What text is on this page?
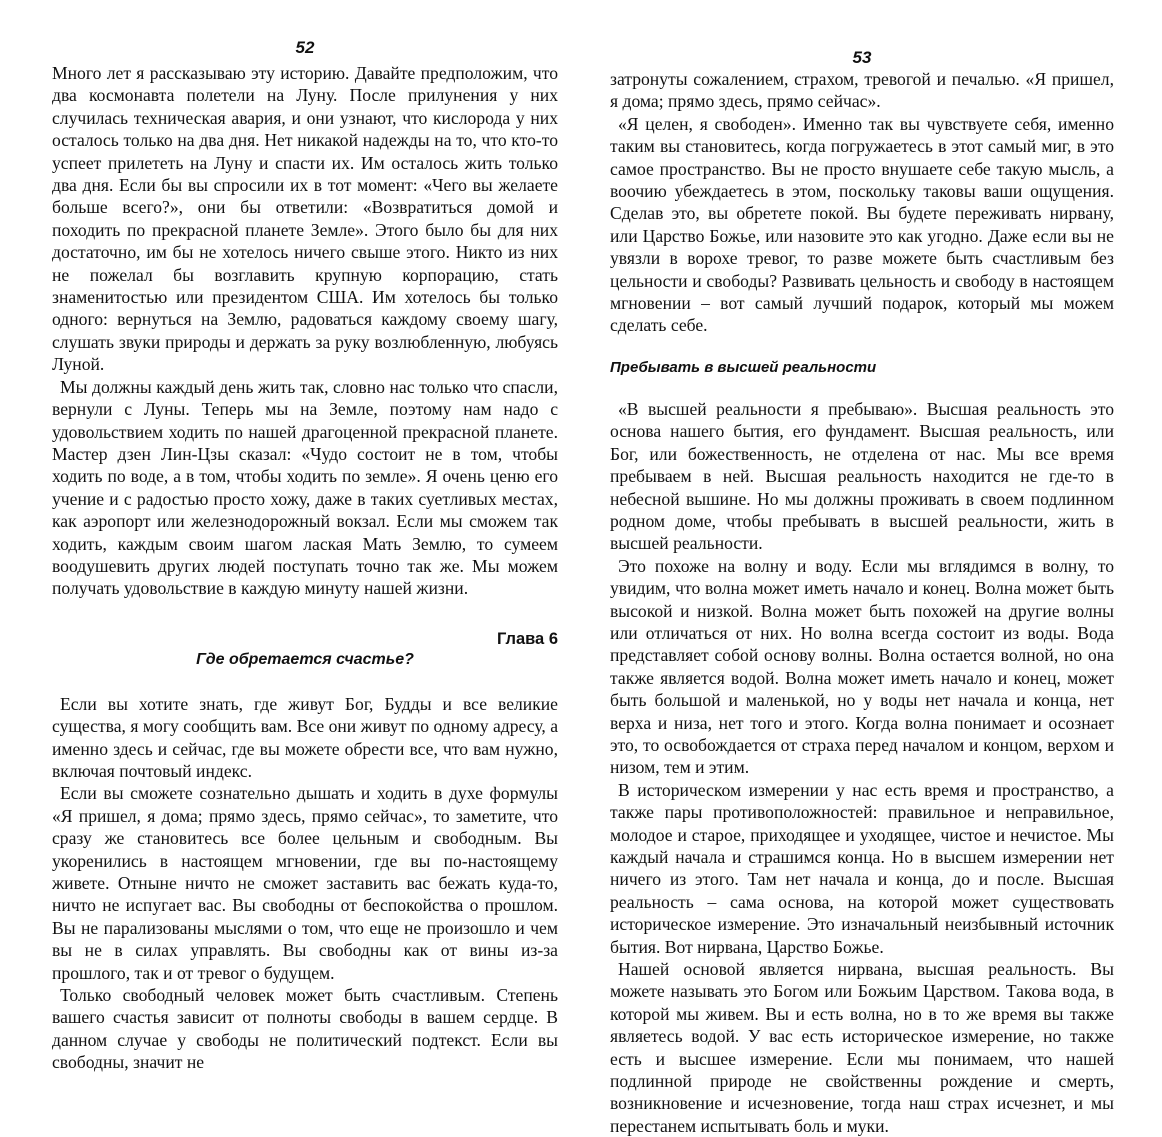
52

Много лет я рассказываю эту историю. Давайте предположим, что два космонавта полетели на Луну. После прилунения у них случилась техническая авария, и они узнают, что кислорода у них осталось только на два дня. Нет никакой надежды на то, что кто-то успеет прилететь на Луну и спасти их. Им осталось жить только два дня. Если бы вы спросили их в тот момент: «Чего вы желаете больше всего?», они бы ответили: «Возвратиться домой и походить по прекрасной планете Земле». Этого было бы для них достаточно, им бы не хотелось ничего свыше этого. Никто из них не пожелал бы возглавить крупную корпорацию, стать знаменитостью или президентом США. Им хотелось бы только одного: вернуться на Землю, радоваться каждому своему шагу, слушать звуки природы и держать за руку возлюбленную, любуясь Луной.

Мы должны каждый день жить так, словно нас только что спасли, вернули с Луны. Теперь мы на Земле, поэтому нам надо с удовольствием ходить по нашей драгоценной прекрасной планете. Мастер дзен Лин-Цзы сказал: «Чудо состоит не в том, чтобы ходить по воде, а в том, чтобы ходить по земле». Я очень ценю его учение и с радостью просто хожу, даже в таких суетливых местах, как аэропорт или железнодорожный вокзал. Если мы сможем так ходить, каждым своим шагом лаская Мать Землю, то сумеем воодушевить других людей поступать точно так же. Мы можем получать удовольствие в каждую минуту нашей жизни.

Глава 6

Где обретается счастье?

Если вы хотите знать, где живут Бог, Будды и все великие существа, я могу сообщить вам. Все они живут по одному адресу, а именно здесь и сейчас, где вы можете обрести все, что вам нужно, включая почтовый индекс.

Если вы сможете сознательно дышать и ходить в духе формулы «Я пришел, я дома; прямо здесь, прямо сейчас», то заметите, что сразу же становитесь все более цельным и свободным. Вы укоренились в настоящем мгновении, где вы по-настоящему живете. Отныне ничто не сможет заставить вас бежать куда-то, ничто не испугает вас. Вы свободны от беспокойства о прошлом. Вы не парализованы мыслями о том, что еще не произошло и чем вы не в силах управлять. Вы свободны как от вины из-за прошлого, так и от тревог о будущем.

Только свободный человек может быть счастливым. Степень вашего счастья зависит от полноты свободы в вашем сердце. В данном случае у свободы не политический подтекст. Если вы свободны, значит не

53

затронуты сожалением, страхом, тревогой и печалью. «Я пришел, я дома; прямо здесь, прямо сейчас».

«Я целен, я свободен». Именно так вы чувствуете себя, именно таким вы становитесь, когда погружаетесь в этот самый миг, в это самое пространство. Вы не просто внушаете себе такую мысль, а воочию убеждаетесь в этом, поскольку таковы ваши ощущения. Сделав это, вы обретете покой. Вы будете переживать нирвану, или Царство Божье, или назовите это как угодно. Даже если вы не увязли в ворохе тревог, то разве можете быть счастливым без цельности и свободы? Развивать цельность и свободу в настоящем мгновении – вот самый лучший подарок, который мы можем сделать себе.

Пребывать в высшей реальности

«В высшей реальности я пребываю». Высшая реальность это основа нашего бытия, его фундамент. Высшая реальность, или Бог, или божественность, не отделена от нас. Мы все время пребываем в ней. Высшая реальность находится не где-то в небесной вышине. Но мы должны проживать в своем подлинном родном доме, чтобы пребывать в высшей реальности, жить в высшей реальности.

Это похоже на волну и воду. Если мы вглядимся в волну, то увидим, что волна может иметь начало и конец. Волна может быть высокой и низкой. Волна может быть похожей на другие волны или отличаться от них. Но волна всегда состоит из воды. Вода представляет собой основу волны. Волна остается волной, но она также является водой. Волна может иметь начало и конец, может быть большой и маленькой, но у воды нет начала и конца, нет верха и низа, нет того и этого. Когда волна понимает и осознает это, то освобождается от страха перед началом и концом, верхом и низом, тем и этим.

В историческом измерении у нас есть время и пространство, а также пары противоположностей: правильное и неправильное, молодое и старое, приходящее и уходящее, чистое и нечистое. Мы каждый начала и страшимся конца. Но в высшем измерении нет ничего из этого. Там нет начала и конца, до и после. Высшая реальность – сама основа, на которой может существовать историческое измерение. Это изначальный неизбывный источник бытия. Вот нирвана, Царство Божье.

Нашей основой является нирвана, высшая реальность. Вы можете называть это Богом или Божьим Царством. Такова вода, в которой мы живем. Вы и есть волна, но в то же время вы также являетесь водой. У вас есть историческое измерение, но также есть и высшее измерение. Если мы понимаем, что нашей подлинной природе не свойственны рождение и смерть, возникновение и исчезновение, тогда наш страх исчезнет, и мы перестанем испытывать боль и муки.
